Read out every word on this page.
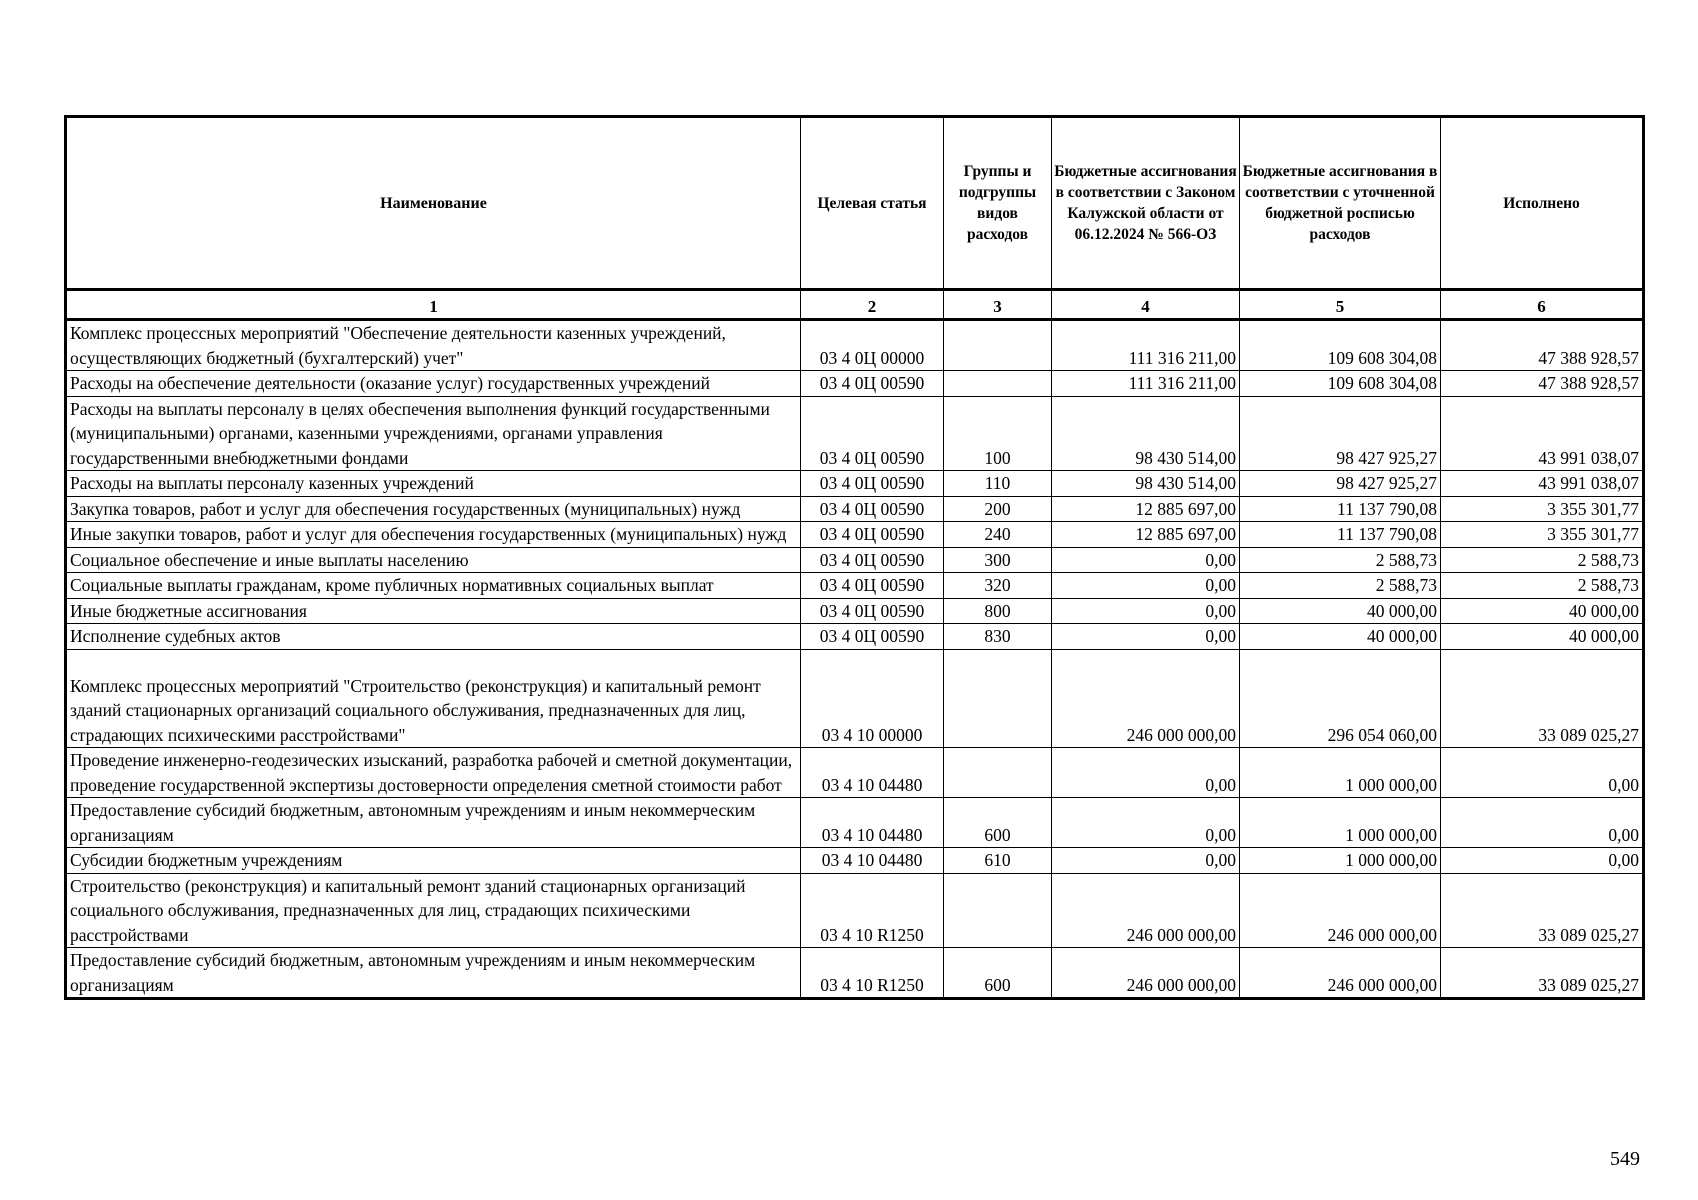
Наименование	Целевая статья	Группы и подгруппы видов расходов	Бюджетные ассигнования в соответствии с Законом Калужской области от 06.12.2024 № 566-ОЗ	Бюджетные ассигнования в соответствии с уточненной бюджетной росписью расходов	Исполнено
1	2	3	4	5	6
Комплекс процессных мероприятий "Обеспечение деятельности казенных учреждений, осуществляющих бюджетный (бухгалтерский) учет"	03 4 0Ц 00000		111 316 211,00	109 608 304,08	47 388 928,57
Расходы на обеспечение деятельности (оказание услуг) государственных учреждений	03 4 0Ц 00590		111 316 211,00	109 608 304,08	47 388 928,57
Расходы на выплаты персоналу в целях обеспечения выполнения функций государственными (муниципальными) органами, казенными учреждениями, органами управления государственными внебюджетными фондами	03 4 0Ц 00590	100	98 430 514,00	98 427 925,27	43 991 038,07
Расходы на выплаты персоналу казенных учреждений	03 4 0Ц 00590	110	98 430 514,00	98 427 925,27	43 991 038,07
Закупка товаров, работ и услуг для обеспечения государственных (муниципальных) нужд	03 4 0Ц 00590	200	12 885 697,00	11 137 790,08	3 355 301,77
Иные закупки товаров, работ и услуг для обеспечения государственных (муниципальных) нужд	03 4 0Ц 00590	240	12 885 697,00	11 137 790,08	3 355 301,77
Социальное обеспечение и иные выплаты населению	03 4 0Ц 00590	300	0,00	2 588,73	2 588,73
Социальные выплаты гражданам, кроме публичных нормативных социальных выплат	03 4 0Ц 00590	320	0,00	2 588,73	2 588,73
Иные бюджетные ассигнования	03 4 0Ц 00590	800	0,00	40 000,00	40 000,00
Исполнение судебных актов	03 4 0Ц 00590	830	0,00	40 000,00	40 000,00
Комплекс процессных мероприятий "Строительство (реконструкция) и капитальный ремонт зданий стационарных организаций социального обслуживания, предназначенных для лиц, страдающих психическими расстройствами"	03 4 10 00000		246 000 000,00	296 054 060,00	33 089 025,27
Проведение инженерно-геодезических изысканий, разработка рабочей и сметной документации, проведение государственной экспертизы достоверности определения сметной стоимости работ	03 4 10 04480		0,00	1 000 000,00	0,00
Предоставление субсидий бюджетным, автономным учреждениям и иным некоммерческим организациям	03 4 10 04480	600	0,00	1 000 000,00	0,00
Субсидии бюджетным учреждениям	03 4 10 04480	610	0,00	1 000 000,00	0,00
Строительство (реконструкция) и капитальный ремонт зданий стационарных организаций социального обслуживания, предназначенных для лиц, страдающих психическими расстройствами	03 4 10 R1250		246 000 000,00	246 000 000,00	33 089 025,27
Предоставление субсидий бюджетным, автономным учреждениям и иным некоммерческим организациям	03 4 10 R1250	600	246 000 000,00	246 000 000,00	33 089 025,27
549
